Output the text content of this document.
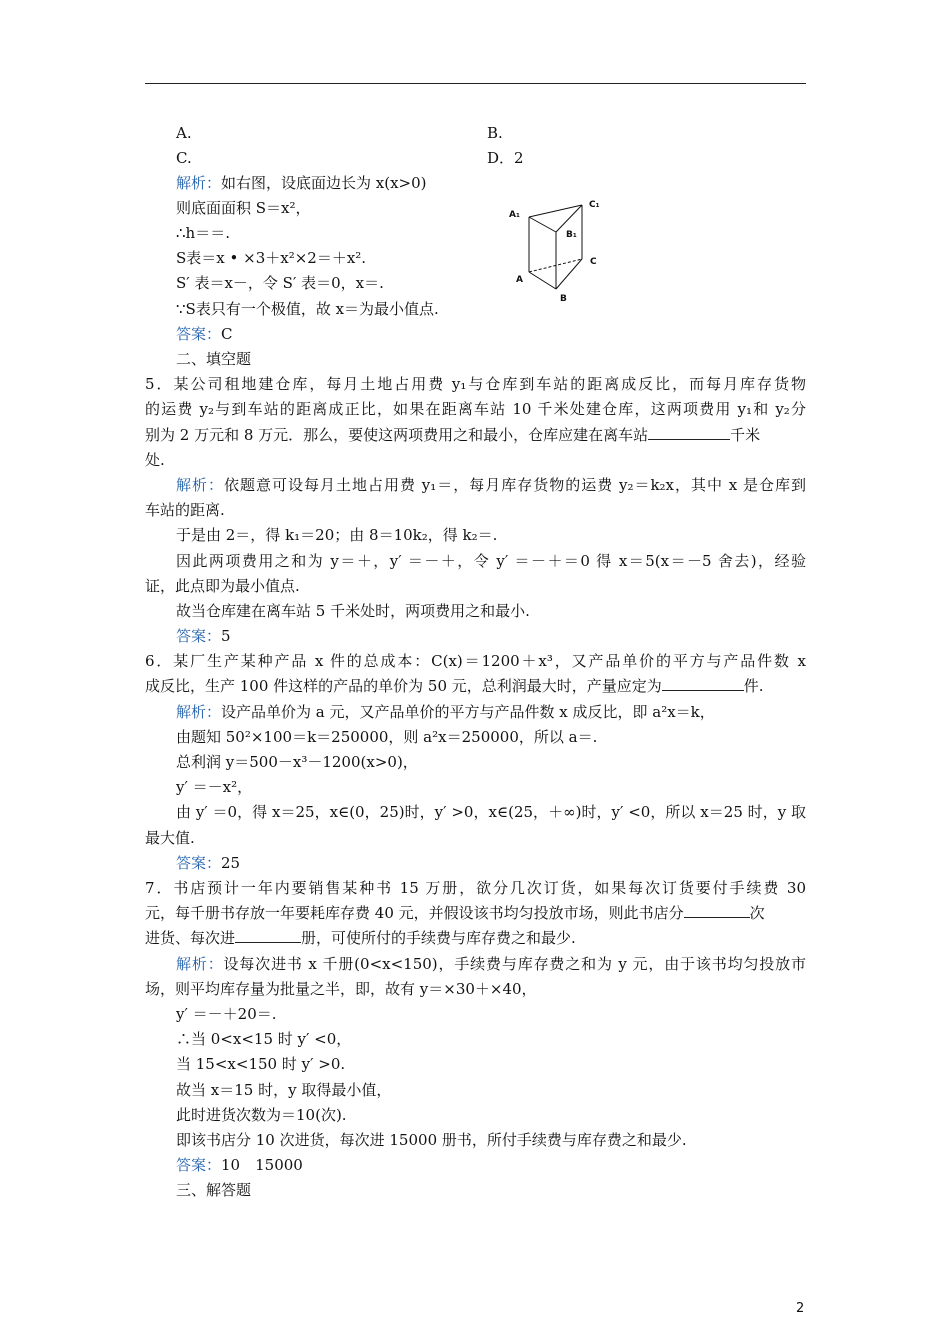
A.	B.
C.	D．2
解析：如右图，设底面边长为 x(x>0)
则底面面积 S＝x²，
∴h＝＝.
S表＝x • ×3＋x²×2＝＋x².
S′ 表＝x－，令 S′ 表＝0，x＝.
∵S表只有一个极值，故 x＝为最小值点.
答案：C
A₁
C₁
B₁
A
C
B
二、填空题
5．某公司租地建仓库，每月土地占用费 y₁与仓库到车站的距离成反比，而每月库存货物
的运费 y₂与到车站的距离成正比，如果在距离车站 10 千米处建仓库，这两项费用 y₁和 y₂分
别为 2 万元和 8 万元．那么，要使这两项费用之和最小，仓库应建在离车站	千米
处.
解析：依题意可设每月土地占用费 y₁＝，每月库存货物的运费 y₂＝k₂x，其中 x 是仓库到
车站的距离.
于是由 2＝，得 k₁＝20；由 8＝10k₂，得 k₂＝.
因此两项费用之和为 y＝＋，y′ ＝－＋，令 y′ ＝－＋＝0 得 x＝5(x＝－5 舍去)，经验
证，此点即为最小值点.
故当仓库建在离车站 5 千米处时，两项费用之和最小.
答案：5
6．某厂生产某种产品 x 件的总成本：C(x)＝1200＋x³，又产品单价的平方与产品件数 x
成反比，生产 100 件这样的产品的单价为 50 元，总利润最大时，产量应定为	件.
解析：设产品单价为 a 元，又产品单价的平方与产品件数 x 成反比，即 a²x＝k，
由题知 50²×100＝k＝250000，则 a²x＝250000，所以 a＝.
总利润 y＝500－x³－1200(x>0)，
y′ ＝－x²，
由 y′ ＝0，得 x＝25，x∈(0，25)时，y′ >0，x∈(25，＋∞)时，y′ <0，所以 x＝25 时，y 取
最大值.
答案：25
7．书店预计一年内要销售某种书 15 万册，欲分几次订货，如果每次订货要付手续费 30
元，每千册书存放一年要耗库存费 40 元，并假设该书均匀投放市场，则此书店分	次
进货、每次进	册，可使所付的手续费与库存费之和最少.
解析：设每次进书 x 千册(0<x<150)，手续费与库存费之和为 y 元，由于该书均匀投放市
场，则平均库存量为批量之半，即，故有 y＝×30＋×40，
y′ ＝－＋20＝.
∴当 0<x<15 时 y′ <0，
当 15<x<150 时 y′ >0.
故当 x＝15 时，y 取得最小值，
此时进货次数为＝10(次).
即该书店分 10 次进货，每次进 15000 册书，所付手续费与库存费之和最少.
答案：10　15000
三、解答题
2
